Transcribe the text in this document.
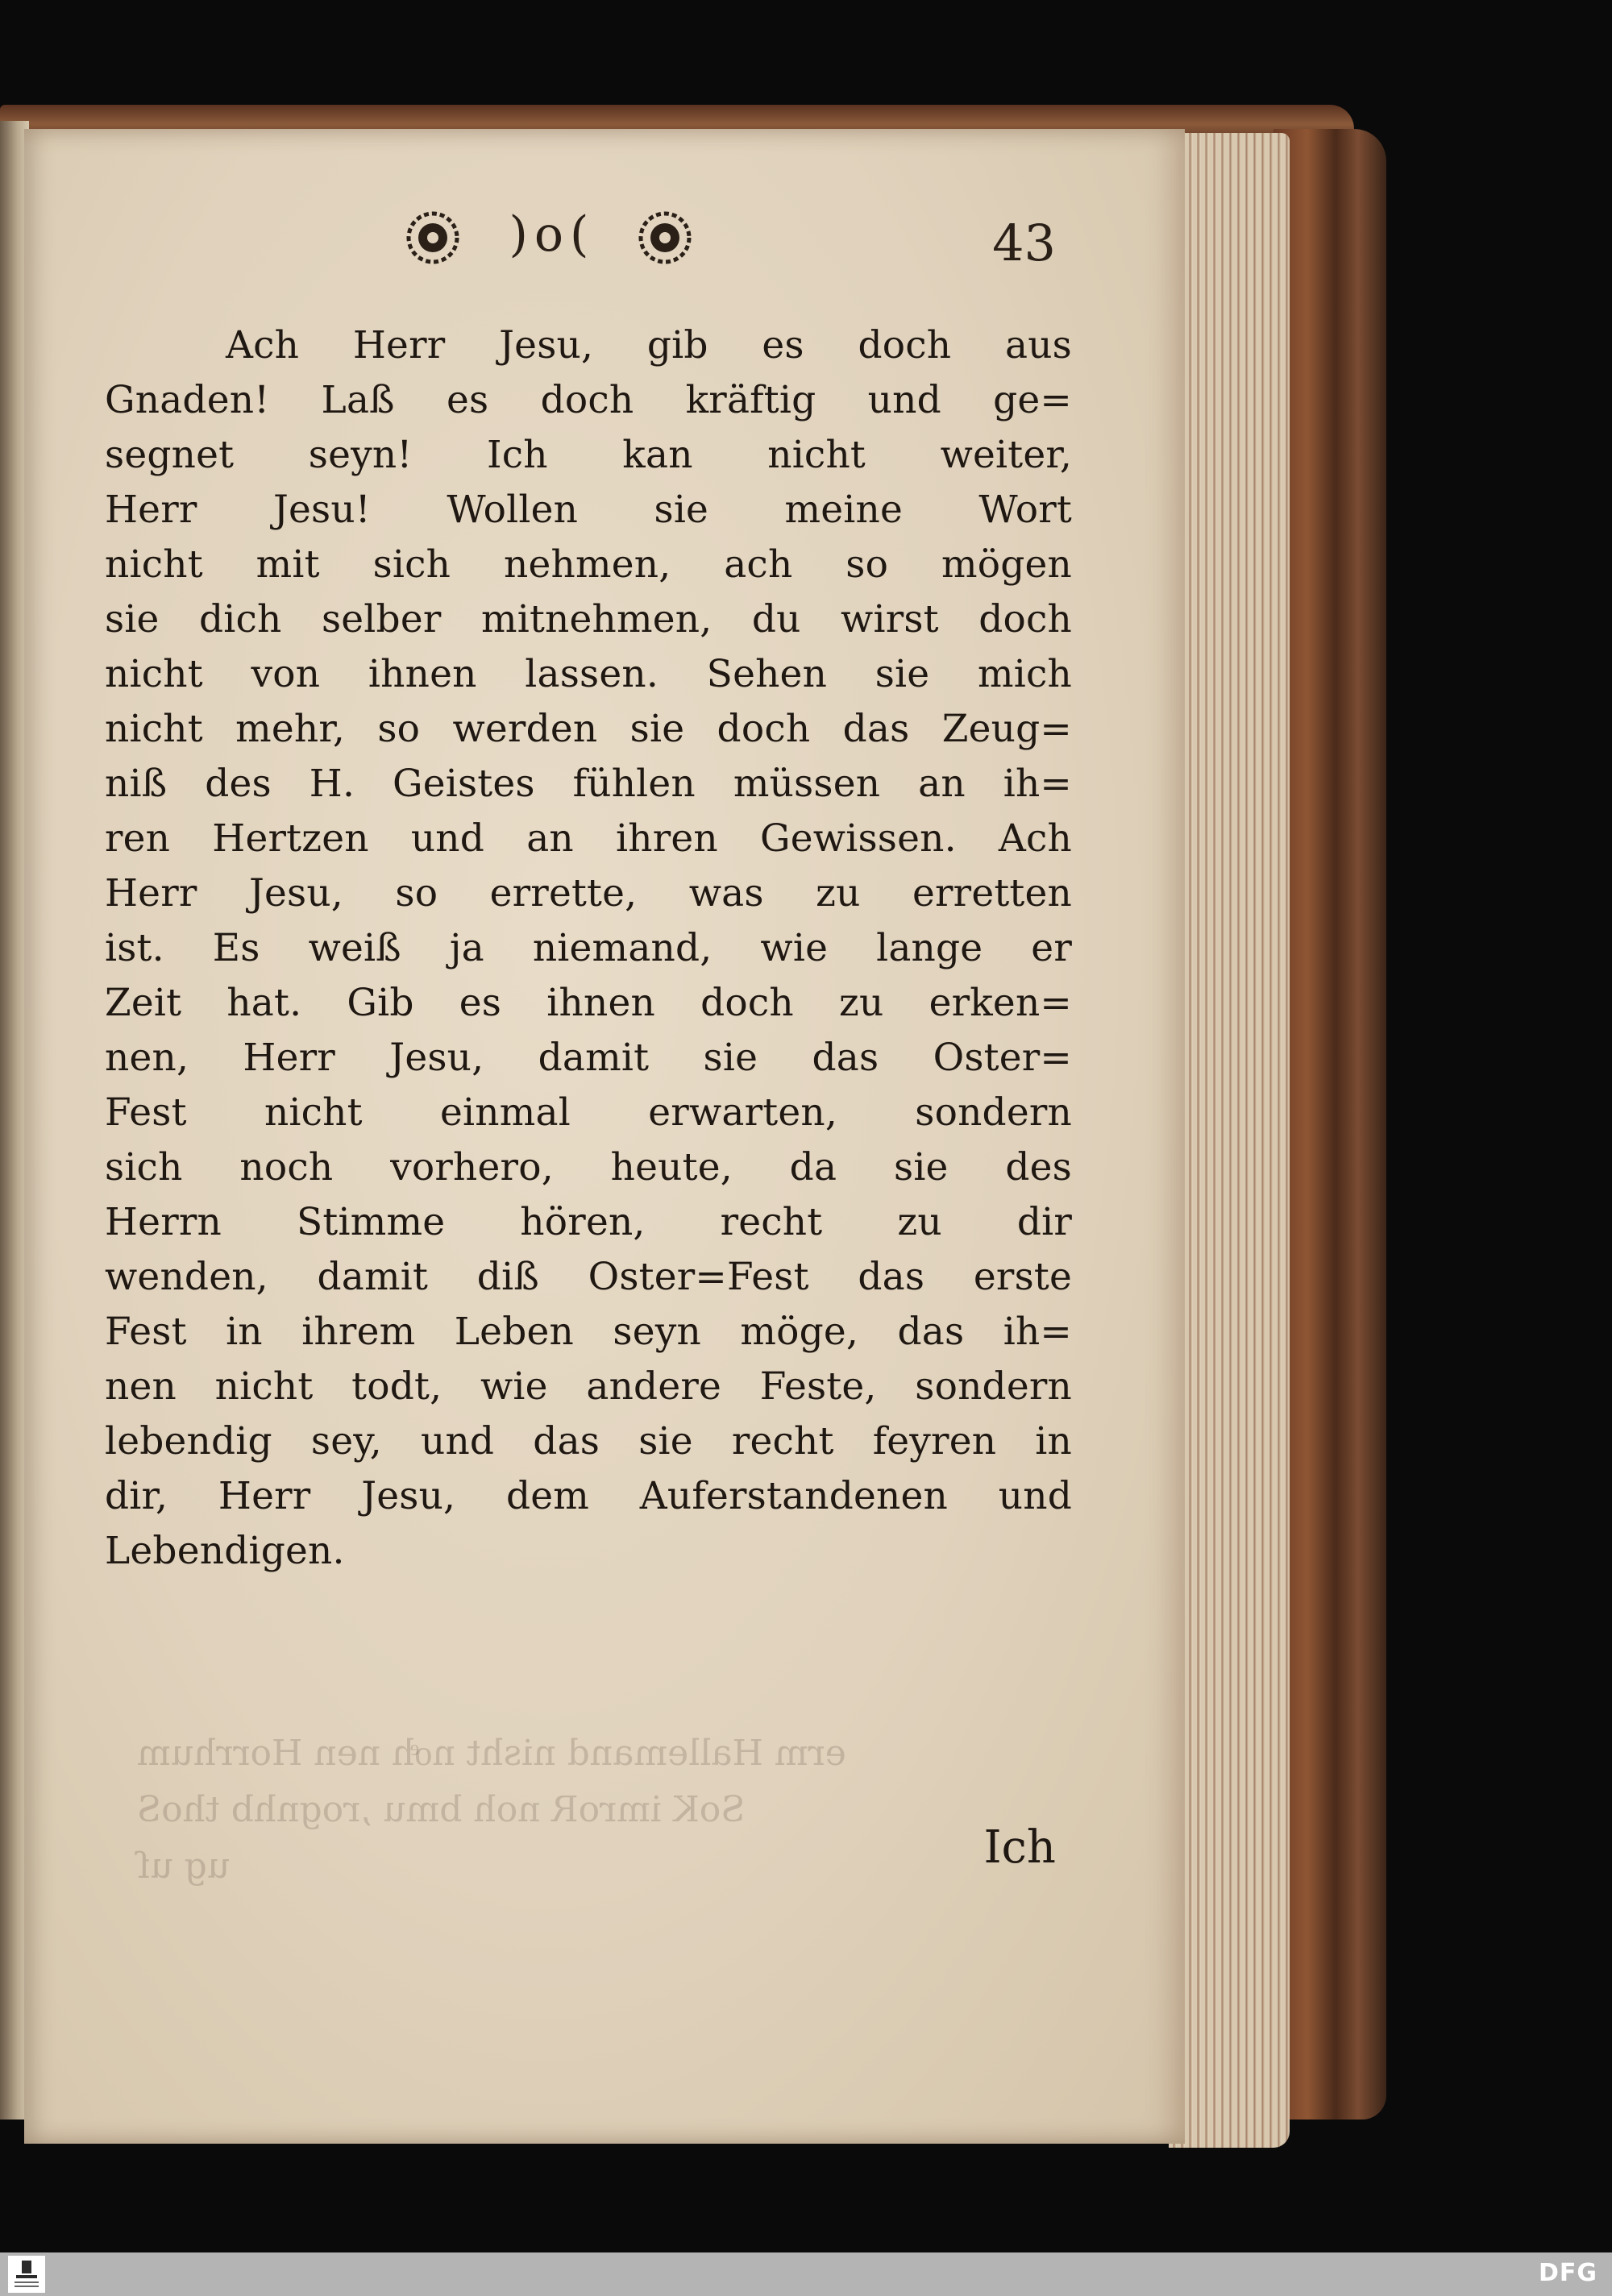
)o(	43
erm Hallemand nisht noͤh nen Horrhum
SoK imroR noh bmu ,rognhb thoS
ug uſ
Ach Herr Jesu, gib es doch aus
Gnaden! Laß es doch kräftig und ge=
segnet seyn! Ich kan nicht weiter,
Herr Jesu! Wollen sie meine Wort
nicht mit sich nehmen, ach so mögen
sie dich selber mitnehmen, du wirst doch
nicht von ihnen lassen. Sehen sie mich
nicht mehr, so werden sie doch das Zeug=
niß des H. Geistes fühlen müssen an ih=
ren Hertzen und an ihren Gewissen. Ach
Herr Jesu, so errette, was zu erretten
ist. Es weiß ja niemand, wie lange er
Zeit hat. Gib es ihnen doch zu erken=
nen, Herr Jesu, damit sie das Oster=
Fest nicht einmal erwarten, sondern
sich noch vorhero, heute, da sie des
Herrn Stimme hören, recht zu dir
wenden, damit diß Oster=Fest das erste
Fest in ihrem Leben seyn möge, das ih=
nen nicht todt, wie andere Feste, sondern
lebendig sey, und das sie recht feyren in
dir, Herr Jesu, dem Auferstandenen und
Lebendigen.
Ich
DFG
